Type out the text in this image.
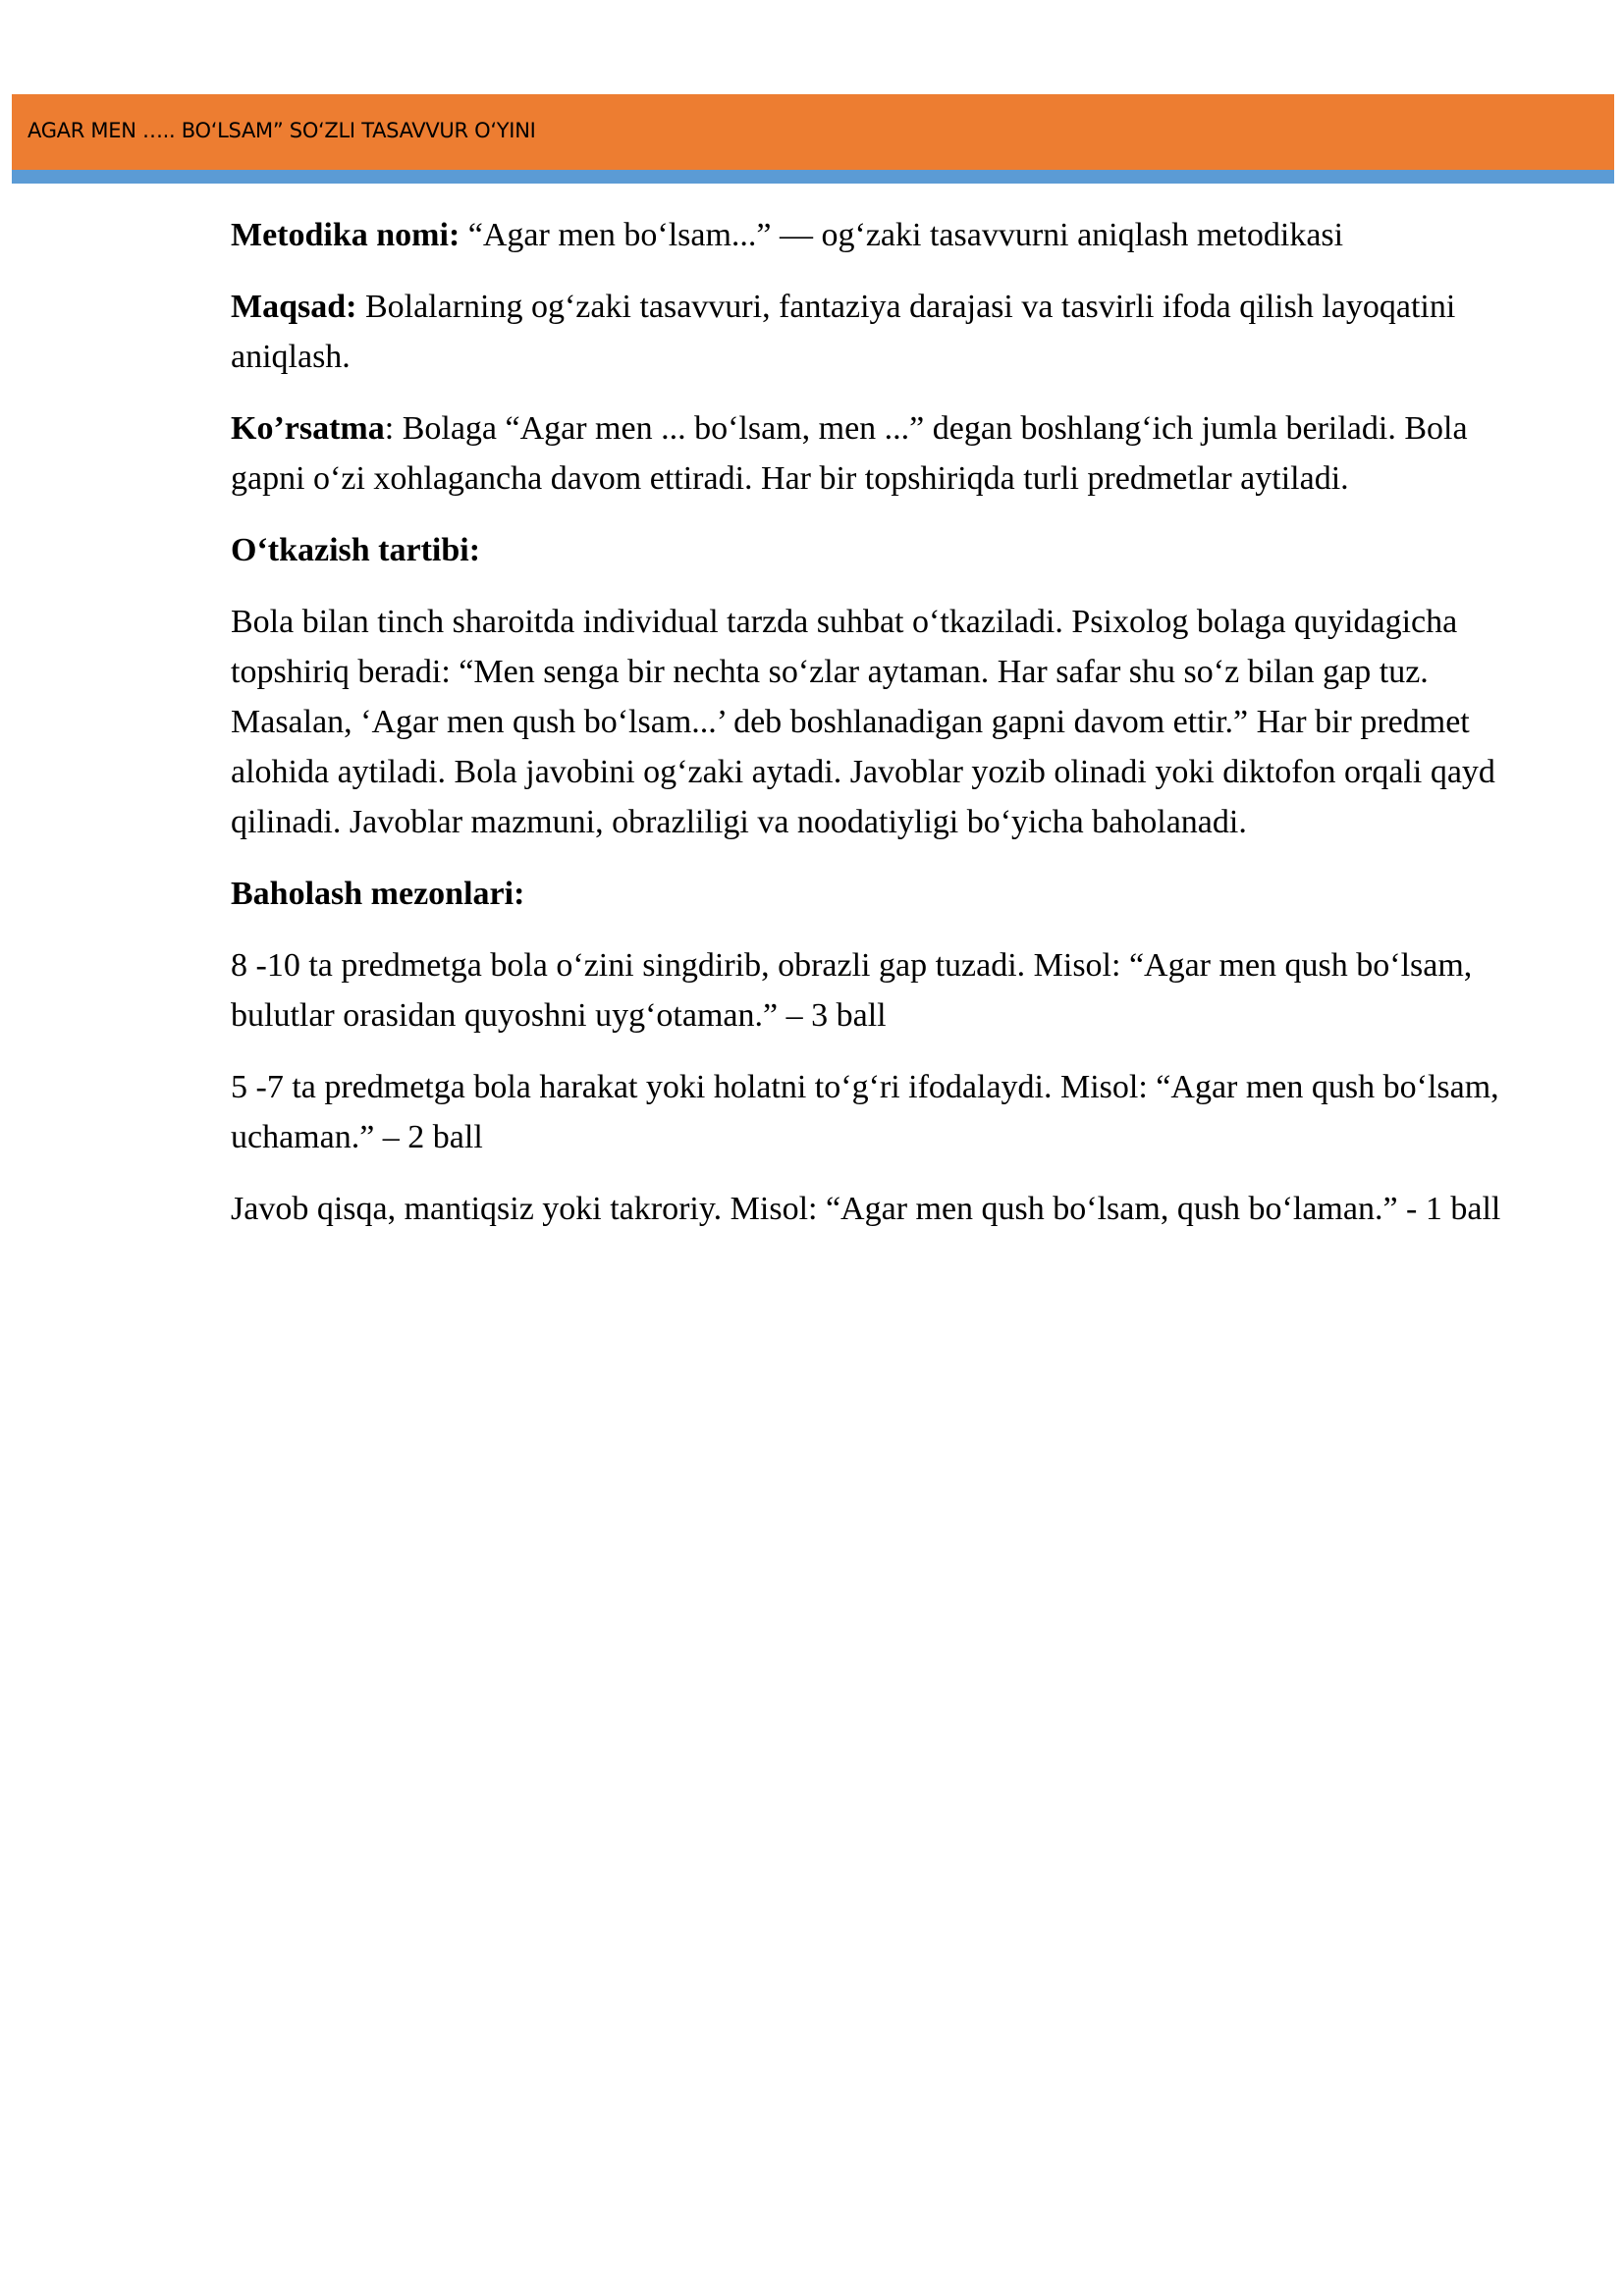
AGAR MEN ….. BO‘LSAM” SO‘ZLI TASAVVUR O‘YINI

Metodika nomi: “Agar men bo‘lsam...” — og‘zaki tasavvurni aniqlash metodikasi

Maqsad: Bolalarning og‘zaki tasavvuri, fantaziya darajasi va tasvirli ifoda qilish layoqatini aniqlash.

Ko’rsatma: Bolaga “Agar men ... bo‘lsam, men ...” degan boshlang‘ich jumla beriladi. Bola gapni o‘zi xohlagancha davom ettiradi. Har bir topshiriqda turli predmetlar aytiladi.

O‘tkazish tartibi:

Bola bilan tinch sharoitda individual tarzda suhbat o‘tkaziladi. Psixolog bolaga quyidagicha topshiriq beradi: “Men senga bir nechta so‘zlar aytaman. Har safar shu so‘z bilan gap tuz. Masalan, ‘Agar men qush bo‘lsam...’ deb boshlanadigan gapni davom ettir.” Har bir predmet alohida aytiladi. Bola javobini og‘zaki aytadi. Javoblar yozib olinadi yoki diktofon orqali qayd qilinadi. Javoblar mazmuni, obrazliligi va noodatiyligi bo‘yicha baholanadi.

Baholash mezonlari:

8 -10 ta predmetga bola o‘zini singdirib, obrazli gap tuzadi. Misol: “Agar men qush bo‘lsam, bulutlar orasidan quyoshni uyg‘otaman.” – 3 ball

5 -7 ta predmetga bola harakat yoki holatni to‘g‘ri ifodalaydi. Misol: “Agar men qush bo‘lsam, uchaman.” – 2 ball

Javob qisqa, mantiqsiz yoki takroriy. Misol: “Agar men qush bo‘lsam, qush bo‘laman.” - 1 ball
